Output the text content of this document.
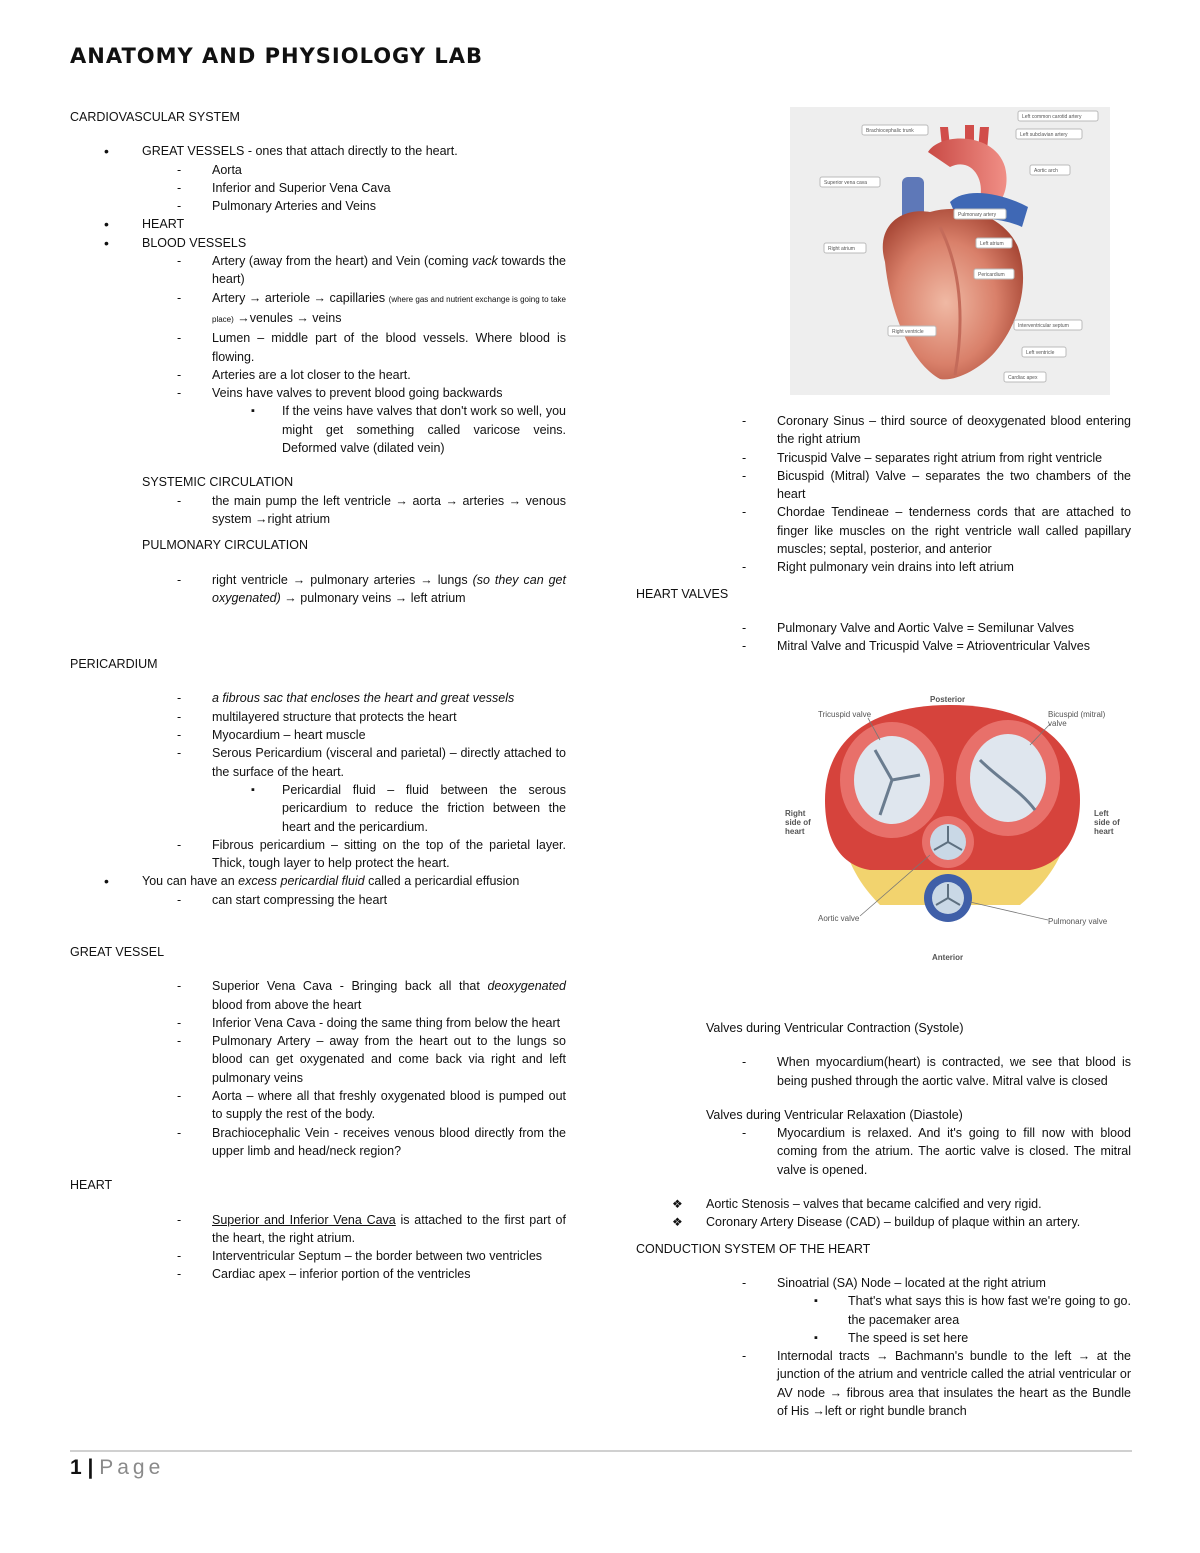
ANATOMY AND PHYSIOLOGY LAB

CARDIOVASCULAR SYSTEM

• GREAT VESSELS - ones that attach directly to the heart.
- Aorta
- Inferior and Superior Vena Cava
- Pulmonary Arteries and Veins
• HEART
• BLOOD VESSELS
- Artery (away from the heart) and Vein (coming vack towards the heart)
- Artery → arteriole → capillaries (where gas and nutrient exchange is going to take place) →venules → veins
- Lumen – middle part of the blood vessels. Where blood is flowing.
- Arteries are a lot closer to the heart.
- Veins have valves to prevent blood going backwards
▪ If the veins have valves that don't work so well, you might get something called varicose veins. Deformed valve (dilated vein)

SYSTEMIC CIRCULATION

- the main pump the left ventricle → aorta → arteries → venous system →right atrium

PULMONARY CIRCULATION

- right ventricle → pulmonary arteries → lungs (so they can get oxygenated) → pulmonary veins → left atrium

PERICARDIUM

- a fibrous sac that encloses the heart and great vessels
- multilayered structure that protects the heart
- Myocardium – heart muscle
- Serous Pericardium (visceral and parietal) – directly attached to the surface of the heart.
▪ Pericardial fluid – fluid between the serous pericardium to reduce the friction between the heart and the pericardium.
- Fibrous pericardium – sitting on the top of the parietal layer. Thick, tough layer to help protect the heart.
• You can have an excess pericardial fluid called a pericardial effusion
- can start compressing the heart

GREAT VESSEL

- Superior Vena Cava - Bringing back all that deoxygenated blood from above the heart
- Inferior Vena Cava - doing the same thing from below the heart
- Pulmonary Artery – away from the heart out to the lungs so blood can get oxygenated and come back via right and left pulmonary veins
- Aorta – where all that freshly oxygenated blood is pumped out to supply the rest of the body.
- Brachiocephalic Vein - receives venous blood directly from the upper limb and head/neck region?

HEART

- Superior and Inferior Vena Cava is attached to the first part of the heart, the right atrium.
- Interventricular Septum – the border between two ventricles
- Cardiac apex – inferior portion of the ventricles
Left common carotid artery
Brachiocephalic trunk
Left subclavian artery
Aortic arch
Superior vena cava
Pulmonary artery
Right atrium
Left atrium
Pericardium
Right ventricle
Interventricular septum
Left ventricle
Cardiac apex
- Coronary Sinus – third source of deoxygenated blood entering the right atrium
- Tricuspid Valve – separates right atrium from right ventricle
- Bicuspid (Mitral) Valve – separates the two chambers of the heart
- Chordae Tendineae – tenderness cords that are attached to finger like muscles on the right ventricle wall called papillary muscles; septal, posterior, and anterior
- Right pulmonary vein drains into left atrium

HEART VALVES

- Pulmonary Valve and Aortic Valve = Semilunar Valves
- Mitral Valve and Tricuspid Valve = Atrioventricular Valves
Posterior
Tricuspid valve	Bicuspid (mitral)
valve
Right
side of
heart
Left
side of
heart
Aortic valve	Pulmonary valve
Anterior

Valves during Ventricular Contraction (Systole)

- When myocardium(heart) is contracted, we see that blood is being pushed through the aortic valve. Mitral valve is closed

Valves during Ventricular Relaxation (Diastole)

- Myocardium is relaxed. And it's going to fill now with blood coming from the atrium. The aortic valve is closed. The mitral valve is opened.
❖ Aortic Stenosis – valves that became calcified and very rigid.
❖ Coronary Artery Disease (CAD) – buildup of plaque within an artery.

CONDUCTION SYSTEM OF THE HEART

- Sinoatrial (SA) Node – located at the right atrium
▪ That's what says this is how fast we're going to go. the pacemaker area
▪ The speed is set here
- Internodal tracts → Bachmann's bundle to the left → at the junction of the atrium and ventricle called the atrial ventricular or AV node → fibrous area that insulates the heart as the Bundle of His →left or right bundle branch
1 | Page
